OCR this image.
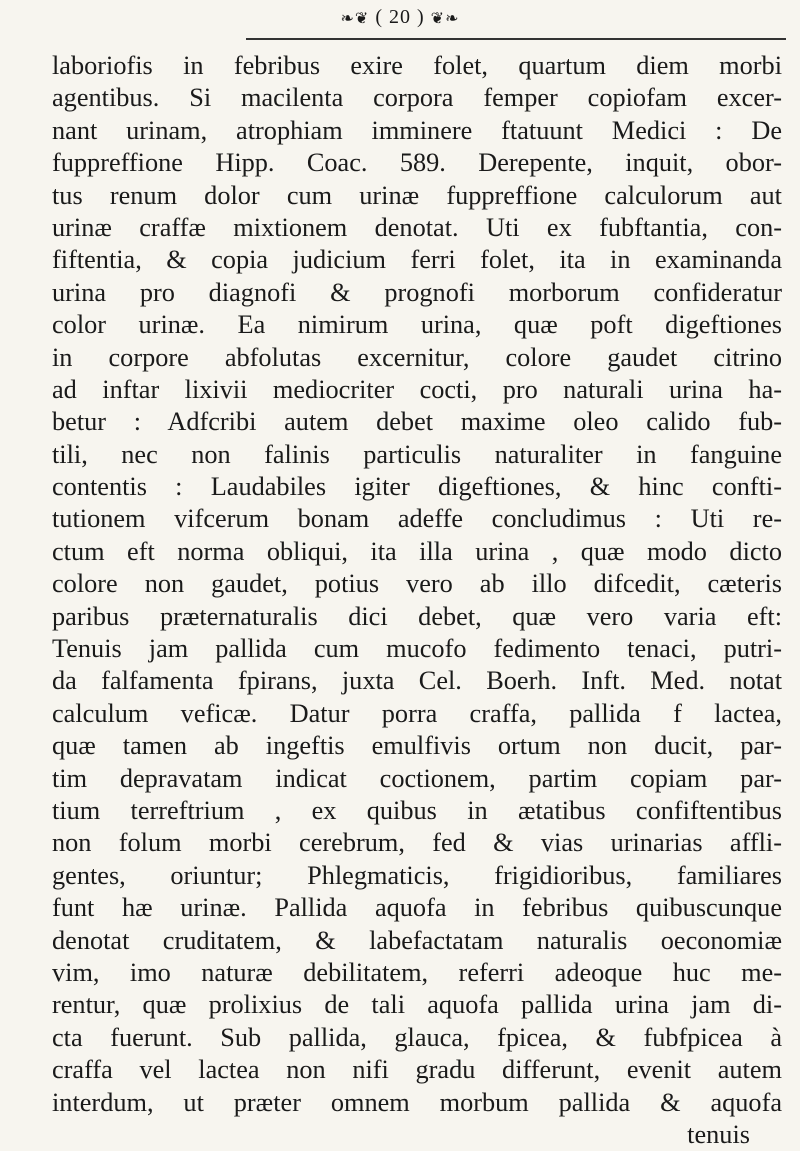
❧❦ ( 20 ) ❦❧
laboriofis in febribus exire folet, quartum diem morbi
agentibus. Si macilenta corpora femper copiofam excer-
nant urinam, atrophiam imminere ftatuunt Medici : De
fuppreffione Hipp. Coac. 589. Derepente, inquit, obor-
tus renum dolor cum urinæ fuppreffione calculorum aut
urinæ craffæ mixtionem denotat. Uti ex fubftantia, con-
fiftentia, & copia judicium ferri folet, ita in examinanda
urina pro diagnofi & prognofi morborum confideratur
color urinæ. Ea nimirum urina, quæ poft digeftiones
in corpore abfolutas excernitur, colore gaudet citrino
ad inftar lixivii mediocriter cocti, pro naturali urina ha-
betur : Adfcribi autem debet maxime oleo calido fub-
tili, nec non falinis particulis naturaliter in fanguine
contentis : Laudabiles igiter digeftiones, & hinc confti-
tutionem vifcerum bonam adeffe concludimus : Uti re-
ctum eft norma obliqui, ita illa urina , quæ modo dicto
colore non gaudet, potius vero ab illo difcedit, cæteris
paribus præternaturalis dici debet, quæ vero varia eft:
Tenuis jam pallida cum mucofo fedimento tenaci, putri-
da falfamenta fpirans, juxta Cel. Boerh. Inft. Med. notat
calculum veficæ. Datur porra craffa, pallida f lactea,
quæ tamen ab ingeftis emulfivis ortum non ducit, par-
tim depravatam indicat coctionem, partim copiam par-
tium terreftrium , ex quibus in ætatibus confiftentibus
non folum morbi cerebrum, fed & vias urinarias affli-
gentes, oriuntur; Phlegmaticis, frigidioribus, familiares
funt hæ urinæ. Pallida aquofa in febribus quibuscunque
denotat cruditatem, & labefactatam naturalis oeconomiæ
vim, imo naturæ debilitatem, referri adeoque huc me-
rentur, quæ prolixius de tali aquofa pallida urina jam di-
cta fuerunt. Sub pallida, glauca, fpicea, & fubfpicea à
craffa vel lactea non nifi gradu differunt, evenit autem
interdum, ut præter omnem morbum pallida & aquofa
tenuis
